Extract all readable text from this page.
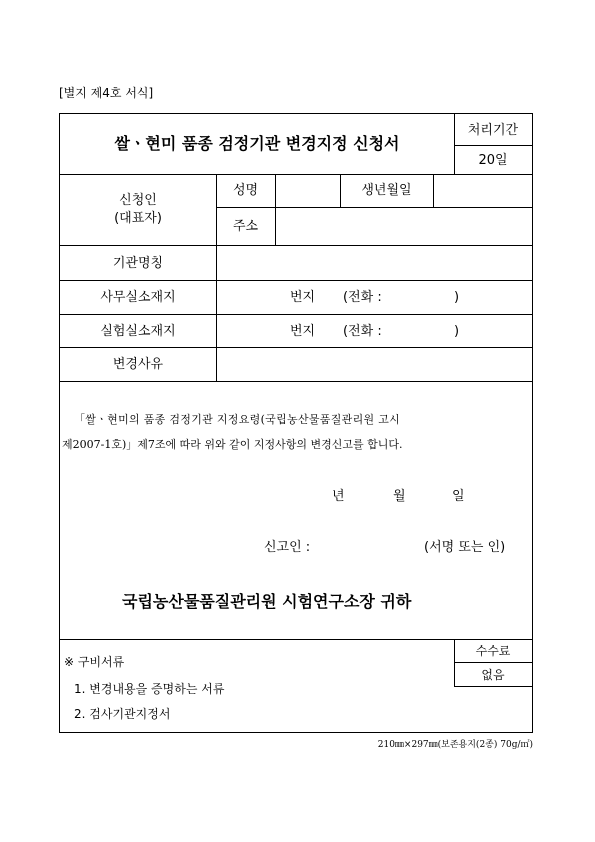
[별지 제4호 서식]
쌀ㆍ현미 품종 검정기관 변경지정 신청서
처리기간
20일
신청인
(대표자)
성명	생년월일
주소
기관명칭
사무실소재지	번지 (전화 :	)
실험실소재지	번지 (전화 :	)
변경사유
「쌀ㆍ현미의 품종 검정기관 지정요령(국립농산물품질관리원 고시
제2007-1호)」제7조에 따라 위와 같이 지정사항의 변경신고를 합니다.
년	월	일
신고인 :	(서명 또는 인)
국립농산물품질관리원 시험연구소장 귀하
※ 구비서류
1. 변경내용을 증명하는 서류
2. 검사기관지정서
수수료
없음
210㎜×297㎜(보존용지(2종) 70g/㎡)
